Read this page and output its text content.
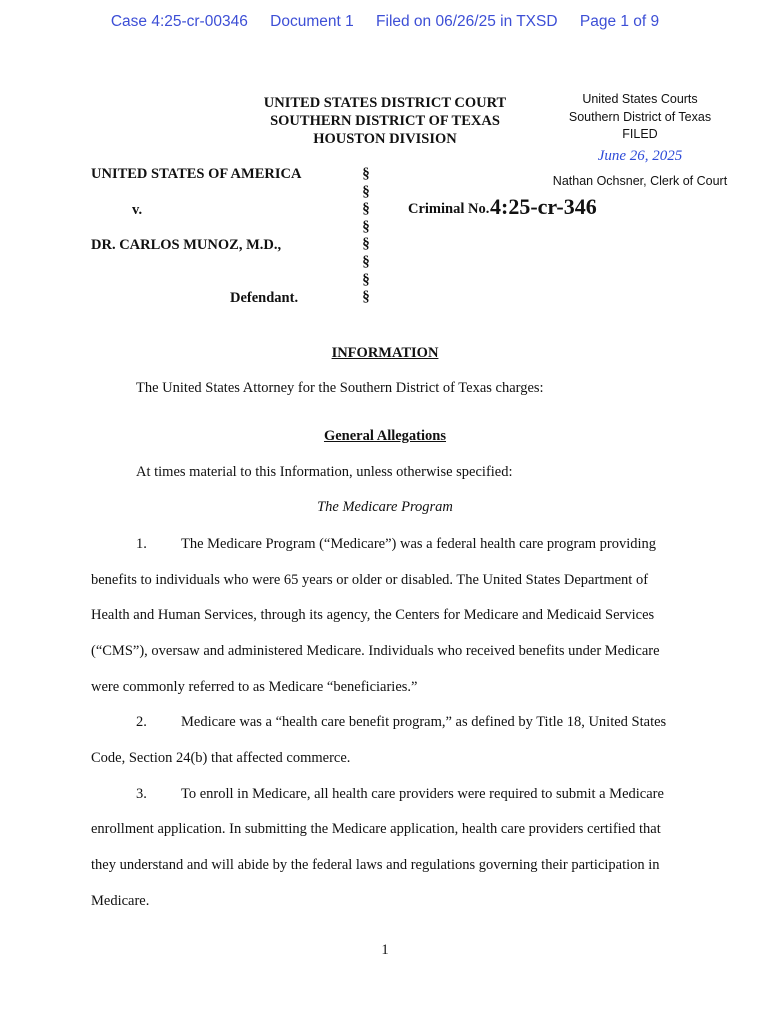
Case 4:25-cr-00346 Document 1 Filed on 06/26/25 in TXSD Page 1 of 9
UNITED STATES DISTRICT COURT
SOUTHERN DISTRICT OF TEXAS
HOUSTON DIVISION
United States Courts
Southern District of Texas
FILED
June 26, 2025
Nathan Ochsner, Clerk of Court
UNITED STATES OF AMERICA
v.
DR. CARLOS MUNOZ, M.D.,
Defendant.
§
§
§
§
§
§
§
§
Criminal No. 4:25-cr-346
INFORMATION
The United States Attorney for the Southern District of Texas charges:
General Allegations
At times material to this Information, unless otherwise specified:
The Medicare Program
1. The Medicare Program (“Medicare”) was a federal health care program providing
benefits to individuals who were 65 years or older or disabled. The United States Department of
Health and Human Services, through its agency, the Centers for Medicare and Medicaid Services
(“CMS”), oversaw and administered Medicare. Individuals who received benefits under Medicare
were commonly referred to as Medicare “beneficiaries.”
2. Medicare was a “health care benefit program,” as defined by Title 18, United States
Code, Section 24(b) that affected commerce.
3. To enroll in Medicare, all health care providers were required to submit a Medicare
enrollment application. In submitting the Medicare application, health care providers certified that
they understand and will abide by the federal laws and regulations governing their participation in
Medicare.
1
